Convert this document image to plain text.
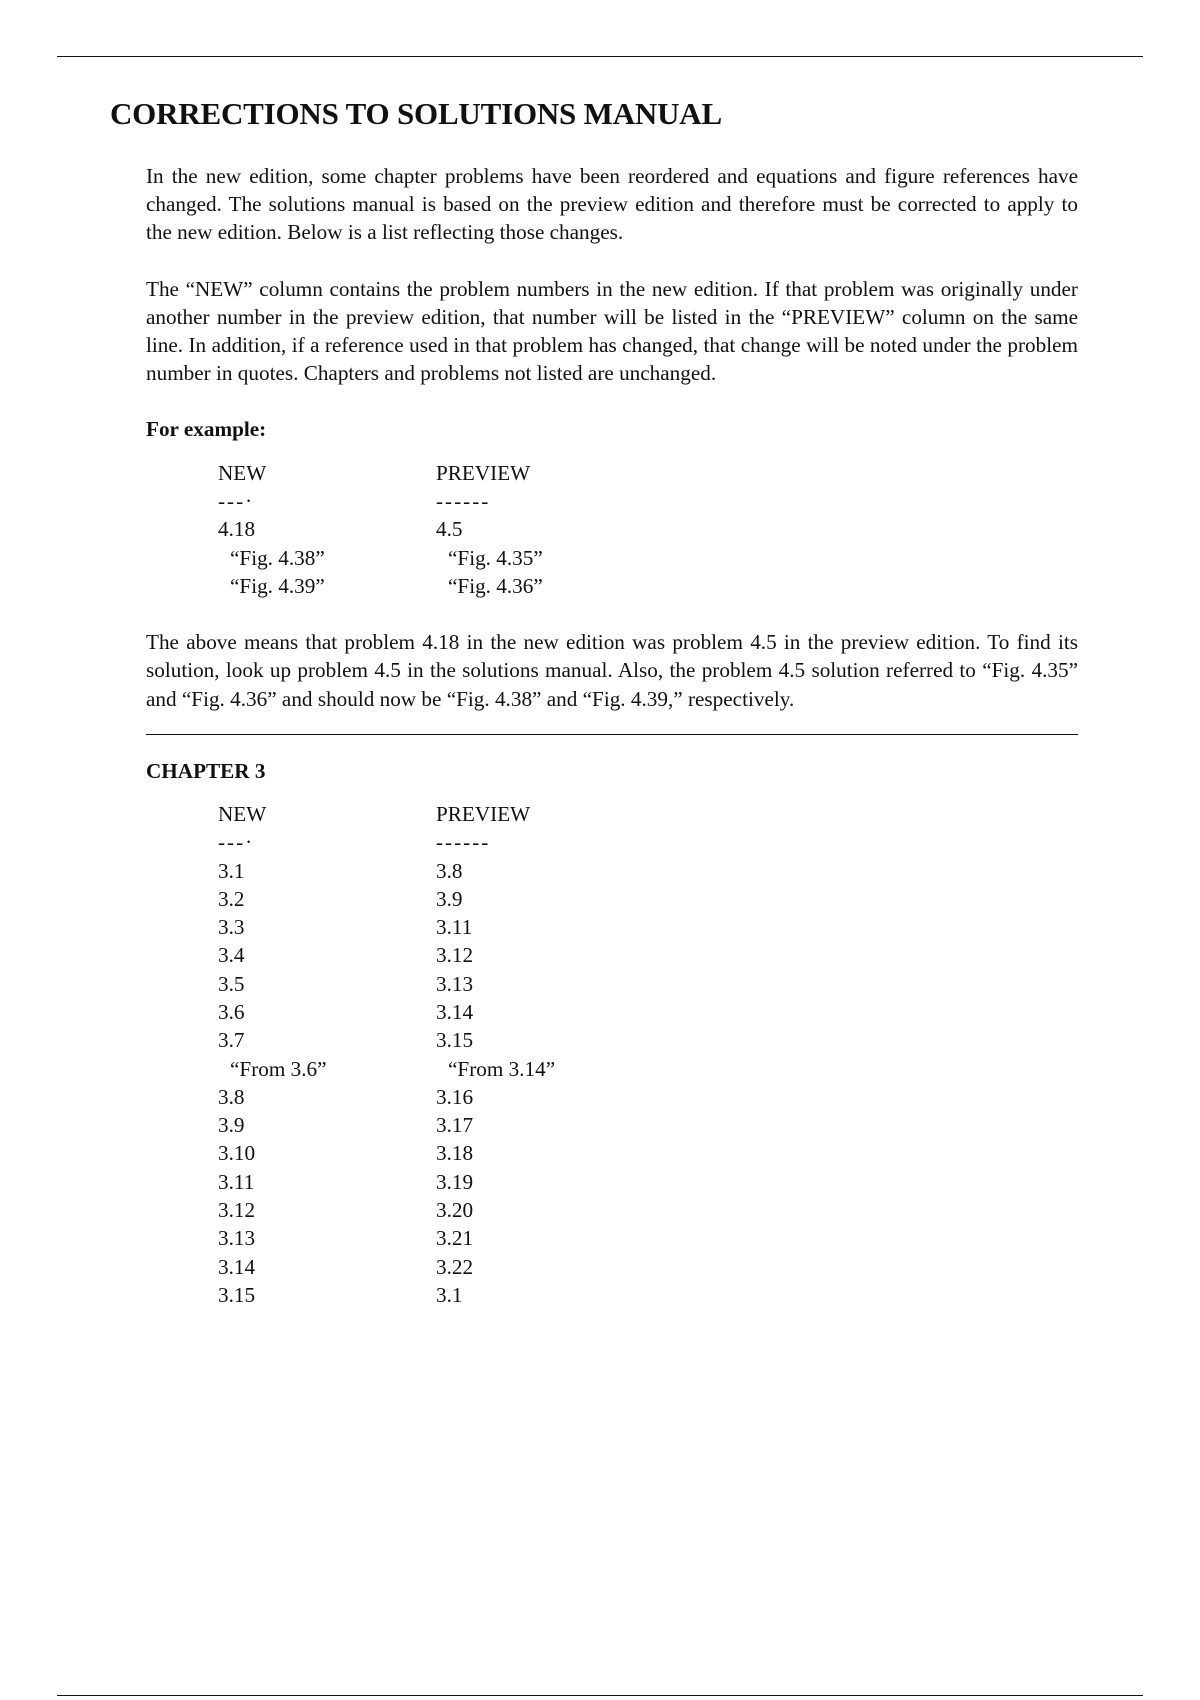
CORRECTIONS TO SOLUTIONS MANUAL

In the new edition, some chapter problems have been reordered and equations and figure references have changed. The solutions manual is based on the preview edition and therefore must be corrected to apply to the new edition. Below is a list reflecting those changes.

The “NEW” column contains the problem numbers in the new edition. If that problem was originally under another number in the preview edition, that number will be listed in the “PREVIEW” column on the same line. In addition, if a reference used in that problem has changed, that change will be noted under the problem number in quotes. Chapters and problems not listed are unchanged.

For example:
NEW	PREVIEW
---·	------
4.18	4.5
“Fig. 4.38”	“Fig. 4.35”
“Fig. 4.39”	“Fig. 4.36”

The above means that problem 4.18 in the new edition was problem 4.5 in the preview edition. To find its solution, look up problem 4.5 in the solutions manual. Also, the problem 4.5 solution referred to “Fig. 4.35” and “Fig. 4.36” and should now be “Fig. 4.38” and “Fig. 4.39,” respectively.

CHAPTER 3
NEW	PREVIEW
---·	------
3.1	3.8
3.2	3.9
3.3	3.11
3.4	3.12
3.5	3.13
3.6	3.14
3.7	3.15
“From 3.6”	“From 3.14”
3.8	3.16
3.9	3.17
3.10	3.18
3.11	3.19
3.12	3.20
3.13	3.21
3.14	3.22
3.15	3.1
